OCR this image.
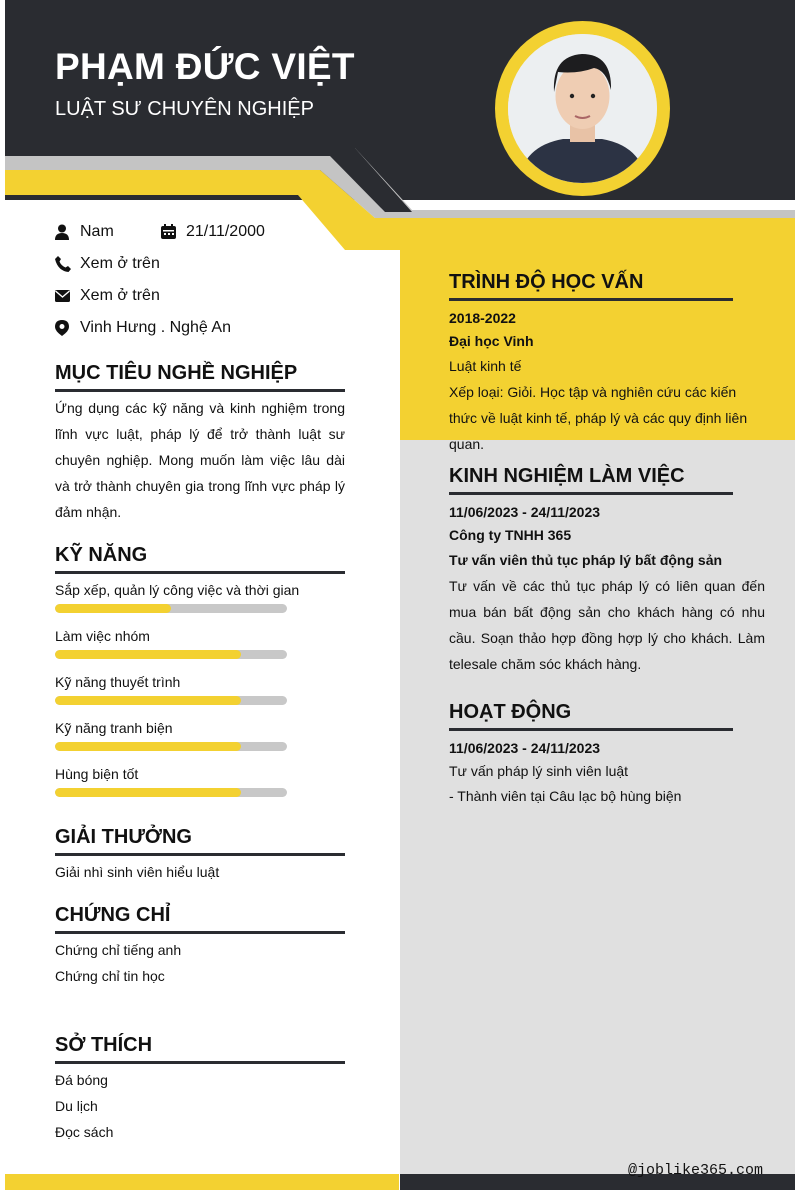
PHẠM ĐỨC VIỆT
LUẬT SƯ CHUYÊN NGHIỆP
Nam	21/11/2000
Xem ở trên
Xem ở trên
Vinh Hưng . Nghệ An
MỤC TIÊU NGHỀ NGHIỆP
Ứng dụng các kỹ năng và kinh nghiệm trong lĩnh vực luật, pháp lý để trở thành luật sư chuyên nghiệp. Mong muốn làm việc lâu dài và trở thành chuyên gia trong lĩnh vực pháp lý đảm nhận.
KỸ NĂNG
Sắp xếp, quản lý công việc và thời gian
Làm việc nhóm
Kỹ năng thuyết trình
Kỹ năng tranh biện
Hùng biện tốt
GIẢI THƯỞNG
Giải nhì sinh viên hiểu luật
CHỨNG CHỈ
Chứng chỉ tiếng anh
Chứng chỉ tin học
SỞ THÍCH
Đá bóng
Du lịch
Đọc sách
TRÌNH ĐỘ HỌC VẤN
2018-2022
Đại học Vinh
Luật kinh tế
Xếp loại: Giỏi. Học tập và nghiên cứu các kiến thức về luật kinh tế, pháp lý và các quy định liên quan.
KINH NGHIỆM LÀM VIỆC
11/06/2023 - 24/11/2023
Công ty TNHH 365
Tư vấn viên thủ tục pháp lý bất động sản
Tư vấn về các thủ tục pháp lý có liên quan đến mua bán bất động sản cho khách hàng có nhu cầu. Soạn thảo hợp đồng hợp lý cho khách. Làm telesale chăm sóc khách hàng.
HOẠT ĐỘNG
11/06/2023 - 24/11/2023
Tư vấn pháp lý sinh viên luật
- Thành viên tại Câu lạc bộ hùng biện
@joblike365.com
